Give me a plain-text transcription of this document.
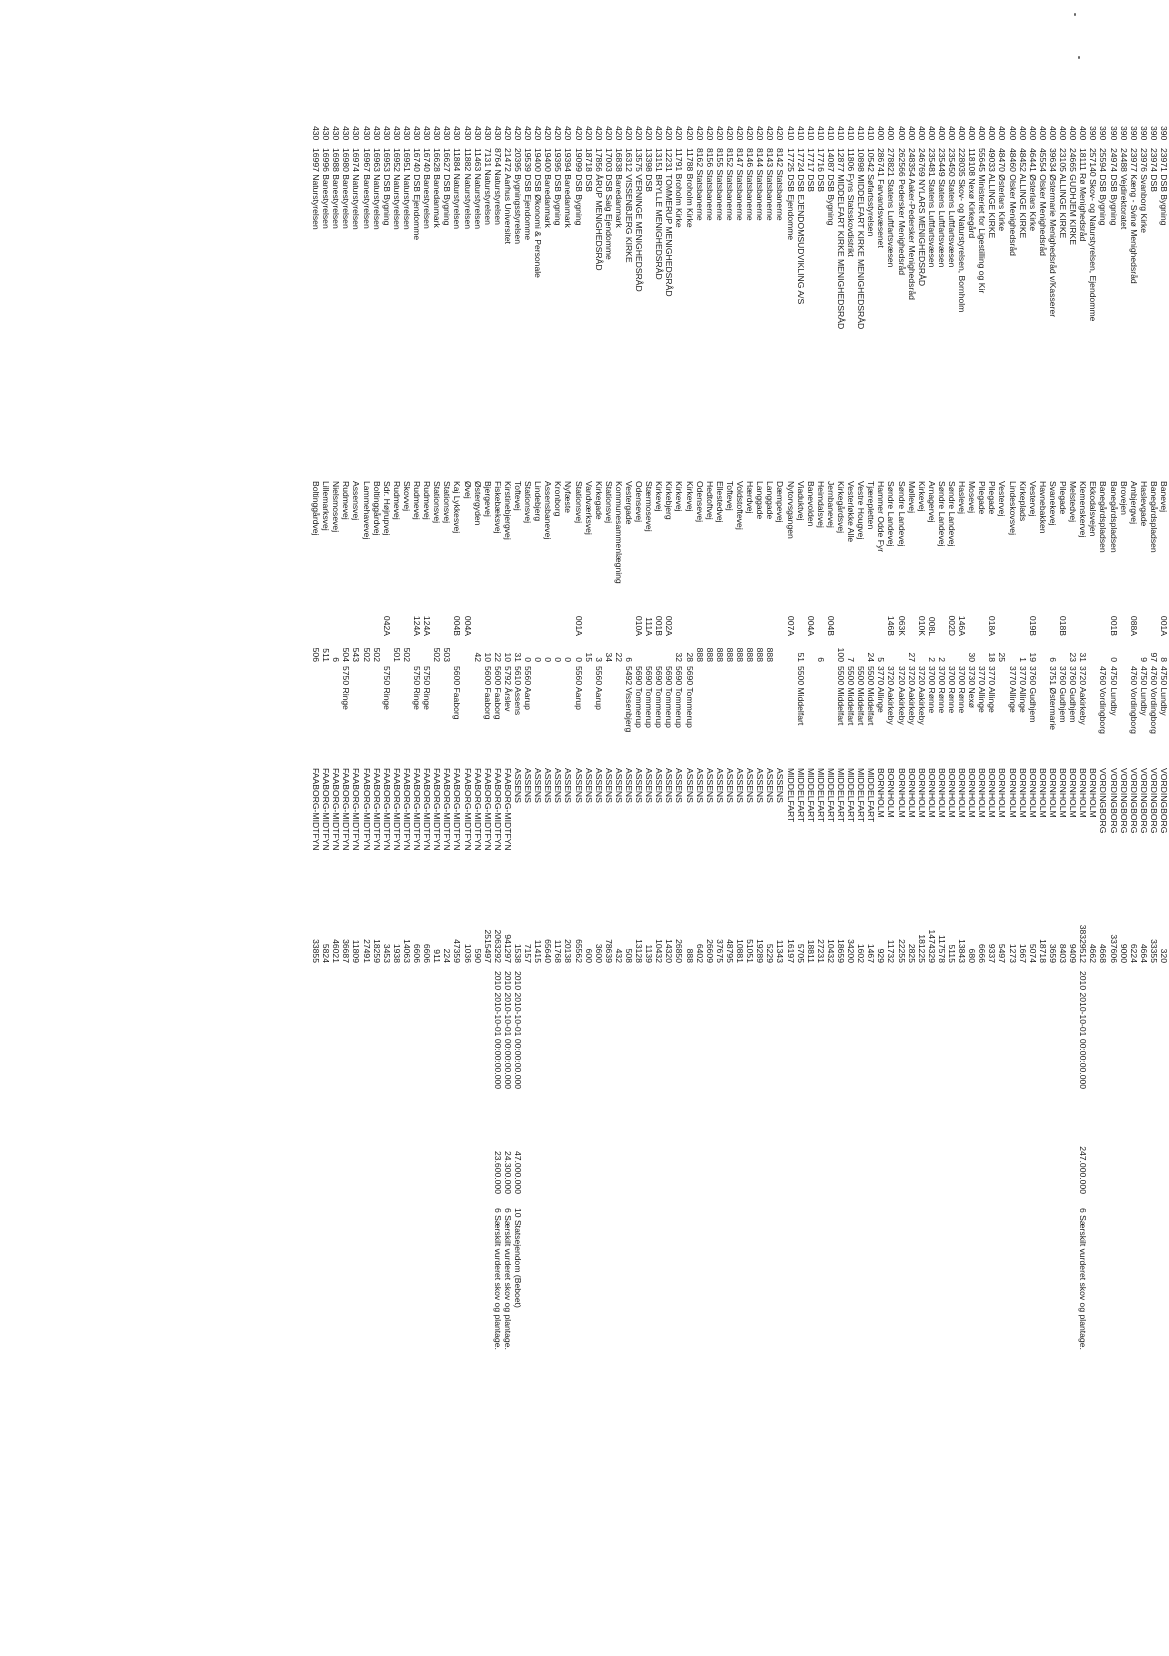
390
23971 DSB Bygning
Banevej
001A
8
4750 Lundby
VORDINGBORG
320
390
23974 DSB
Banegårdspladsen
97
4760 Vordingborg
VORDINGBORG
33355
390
23976 Svanborg Kirke
Haslevgade
9
4750 Lundby
VORDINGBORG
4664
390
23977 Kæng - Svinø Menighedsråd
Ambjergvej
088A
4760 Vordingborg
VORDINGBORG
6224
390
24488 Vejdirektoratet
Brovejen
VORDINGBORG
9000
390
24974 DSB Bygning
Banegårdspladsen
001B
0
4750 Lundby
VORDINGBORG
337606
390
25594 DSB Bygning
Banegårdspladsen
4760 Vordingborg
VORDINGBORG
4668
390
257140 Skov- og Naturstyrelsen, Ejendomme
Ekkodalsvejen
BORNHOLM
4662
400
18111 Rø Menighedsråd
Klemenskervej
31
3720 Aakirkeby
BORNHOLM
38329512
2010 2010-10-01 00:00:00.000
247.000.000
6 Særskilt vurderet skov og plantage.
400
24665 GUDHJEM KIRKE
Melstedvej
23
3760 Gudhjem
BORNHOLM
9409
400
23105 ALLINGE KIRKE
Pilegade
018B
3760 Gudhjem
BORNHOLM
8403
400
39634 Østermarie Menighedsråd v/Kasserer
Svanekevej
6
3751 Østermarie
BORNHOLM
3659
400
45554 Olsker Menighedsråd
Havnebakken
BORNHOLM
18718
400
46441 Østerlars Kirke
Vestervej
019B
19
3760 Gudhjem
BORNHOLM
5074
400
48452 ALLINGE KIRKE
Kirkeplads
1
3770 Allinge
BORNHOLM
1667
400
48460 Olsker Menighedsråd
Lindeskovsvej
3770 Allinge
BORNHOLM
1273
400
48470 Østerlars Kirke
Vestervej
25
BORNHOLM
5497
400
49033 ALLINGE KIRKE
Pilegade
018A
18
3770 Allinge
BORNHOLM
9337
400
55645 Ministeriet for Ligestilling og Kir
Pilegade
3770 Allinge
BORNHOLM
6666
400
118108 Nexø Kirkegård
Mosevej
30
3730 Nexø
BORNHOLM
680
400
228035 Skov- og Naturstyrelsen, Bornholm
Haslevej
146A
3700 Rønne
BORNHOLM
13843
400
235450 Statens Luftfartsvæsen
Søndre Landevej
002D
3700 Rønne
BORNHOLM
5115
400
235449 Statens Luftfartsvæsen
Søndre Landevej
2
3700 Rønne
BORNHOLM
117578
400
235481 Statens Luftfartsvæsen
Arnagervej
008L
2
3700 Rønne
BORNHOLM
1474329
400
246769 NYLARS MENIGHEDSRÅD
Kirkevej
010K
3720 Aakirkeby
BORNHOLM
181225
400
248354 Aaker-Pedersker Menighedsråd
Møllevej
27
3720 Aakirkeby
BORNHOLM
2825
400
262566 Pedersker Menighedsråd
Søndre Landevej
063K
3720 Aakirkeby
BORNHOLM
22255
400
278821 Statens Luftfartsvæsen
Søndre Landevej
146B
3720 Aakirkeby
BORNHOLM
11732
400
286741 Farvandsvæsenet
Hammer Odde Fyr
5
3770 Allinge
BORNHOLM
929
410
10542 Søfartsstyrelsen
Tjærepletten
24
5500 Middelfart
MIDDELFART
1467
410
10898 MIDDELFART KIRKE MENIGHEDSRÅD
Vestre Hougvej
5500 Middelfart
MIDDELFART
1602
410
11806 Fyns Statsskovdistrikt
Vesterløkke Alle
7
5500 Middelfart
MIDDELFART
34200
410
12877 MIDDELFART KIRKE MENIGHEDSRÅD
Kirkegårdsvej
100
5500 Middelfart
MIDDELFART
18659
410
14087 DSB Bygning
Jernbanevej
004B
MIDDELFART
10432
410
17716 DSB
Heimdalsvej
6
MIDDELFART
27231
410
17717 DSB
Banevolden
004A
MIDDELFART
18811
410
17724 DSB EJENDOMSUDVIKLING A/S
Viaduktvej
51
5500 Middelfart
MIDDELFART
5705
410
17725 DSB Ejendomme
Nytorvsgangen
007A
MIDDELFART
16197
420
8142 Statsbanerne
Dæmpevej
ASSENS
11343
420
8143 Statsbanerne
Langgade
888
ASSENS
5229
420
8144 Statsbanerne
Langgade
888
ASSENS
19289
420
8146 Statsbanerne
Hærdvej
888
ASSENS
51051
420
8147 Statsbanerne
Voldstoftevej
888
ASSENS
10881
420
8152 Statsbanerne
Toftevej
888
ASSENS
48795
420
8155 Statsbanerne
Ellestedvej
888
ASSENS
37675
420
8156 Statsbanerne
Hedtoftvej
888
ASSENS
26609
420
8162 Statsbanerne
Odensevej
888
ASSENS
6402
420
11788 Broholm Kirke
Kirkevej
28
5690 Tommerup
ASSENS
888
420
11791 Broholm Kirke
Kirkevej
32
5690 Tommerup
ASSENS
26850
420
12231 TOMMERUP MENIGHEDSRÅD
Kirkebjerg
002A
5690 Tommerup
ASSENS
14320
420
13151 BRYLLE MENIGHEDSRÅD
Kirkevej
001B
5690 Tommerup
ASSENS
10432
420
13398 DSB
Stærmosevej
111A
5690 Tommerup
ASSENS
1139
420
13575 VERNINGE MENIGHEDSRÅD
Odensevej
010A
5690 Tommerup
ASSENS
13128
420
16312 VISSENBJERG KIRKE
Vestergade
6
5492 Vissenbjerg
ASSENS
508
420
16838 Banedanmark
Kommunesammenlægning
22
ASSENS
432
420
17003 DSB Salg Ejendomme
Stationsvej
34
ASSENS
78639
420
17856 ÅRUP MENIGHEDSRÅD
Kirkegade
3
5560 Aarup
ASSENS
3600
420
18718 DSB
Vandværksvej
15
ASSENS
600
420
19099 DSB Bygning
Stationsvej
001A
0
5560 Aarup
ASSENS
65562
420
19394 Banedanmark
Nyfæste
0
ASSENS
20138
420
19395 DSB Bygning
Kronborg
0
ASSENS
11768
420
19400 Banedanmark
Assensbanevej
0
ASSENS
65640
420
19400 DSB Økonomi & Personale
Lindebjerg
0
ASSENS
11415
420
19539 DSB Ejendomme
Stationsvej
0
5560 Aarup
ASSENS
7157
420
20395 Bygningsstyrelsen
Toftevej
31
5610 Assens
ASSENS
1538
2010 2010-10-01 00:00:00.000
47.000.000
10 Statsejendom (Beboet)
420
21472 Aarhus Universitet
Kirstinebjergvej
10
5792 Årslev
FAABORG-MIDTFYN
941297
2010 2010-10-01 00:00:00.000
24.300.000
6 Særskilt vurderet skov og plantage.
430
8764 Naturstyrelsen
Fiskebæksvej
22
5600 Faaborg
FAABORG-MIDTFYN
2063292
2010 2010-10-01 00:00:00.000
23.600.000
6 Særskilt vurderet skov og plantage.
430
7131 Naturstyrelsen
Bjergevej
10
5600 Faaborg
FAABORG-MIDTFYN
2515497
430
11463 Naturstyrelsen
Østergyden
42
FAABORG-MIDTFYN
590
430
11882 Naturstyrelsen
Øvej
004A
FAABORG-MIDTFYN
1036
430
11884 Naturstyrelsen
Kaj Lykkesvej
004B
5600 Faaborg
FAABORG-MIDTFYN
47359
430
16627 DSB Bygning
Stationsvej
503
FAABORG-MIDTFYN
224
430
16628 Banedanmark
Stationsvej
502
FAABORG-MIDTFYN
911
430
16740 Banestyrelsen
Rudmevej
124A
5750 Ringe
FAABORG-MIDTFYN
6606
430
16740 DSB Ejendomme
Rudmevej
124A
5750 Ringe
FAABORG-MIDTFYN
6606
430
16951 Naturstyrelsen
Skovvej
502
FAABORG-MIDTFYN
14063
430
16952 Naturstyrelsen
Rudmevej
501
FAABORG-MIDTFYN
1938
430
16953 DSB Bygning
Sdr. Højrupvej
042A
5750 Ringe
FAABORG-MIDTFYN
3453
430
16963 Naturstyrelsen
Boltinggårdvej
502
FAABORG-MIDTFYN
18259
430
16967 Banestyrelsen
Lammehavevej
502
FAABORG-MIDTFYN
27491
430
16974 Naturstyrelsen
Assensvej
543
FAABORG-MIDTFYN
11809
430
16980 Banestyrelsen
Rudmevej
504
5750 Ringe
FAABORG-MIDTFYN
36687
430
16988 Banestyrelsen
Nielsmosevej
6
FAABORG-MIDTFYN
46021
430
16996 Banestyrelsen
Lillemarksvej
511
FAABORG-MIDTFYN
5824
430
16997 Naturstyrelsen
Boltinggårdvej
506
FAABORG-MIDTFYN
33855
